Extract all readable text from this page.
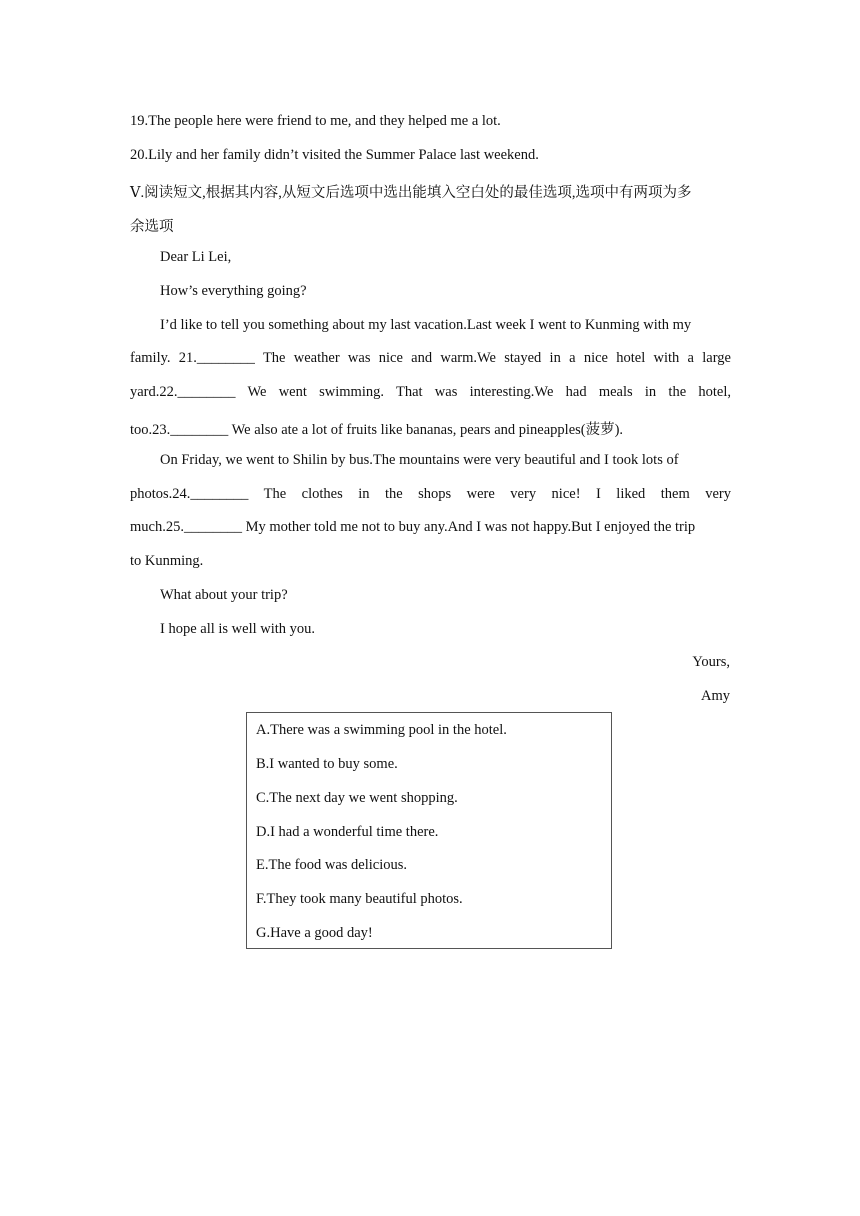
19.The people here were friend to me, and they helped me a lot.
20.Lily and her family didn’t visited the Summer Palace last weekend.
Ⅴ.阅读短文,根据其内容,从短文后选项中选出能填入空白处的最佳选项,选项中有两项为多
余选项
Dear Li Lei,
How’s everything going?
I’d like to tell you something about my last vacation.Last week I went to Kunming with my
family. 21.________ The weather was nice and warm.We stayed in a nice hotel with a large
yard.22.________ We went swimming. That was interesting.We had meals in the hotel,
too.23.________ We also ate a lot of fruits like bananas, pears and pineapples(菠萝).
On Friday, we went to Shilin by bus.The mountains were very beautiful and I took lots of
photos.24.________ The clothes in the shops were very nice! I liked them very
much.25.________ My mother told me not to buy any.And I was not happy.But I enjoyed the trip
to Kunming.
What about your trip?
I hope all is well with you.
Yours,
Amy
A.There was a swimming pool in the hotel.
B.I wanted to buy some.
C.The next day we went shopping.
D.I had a wonderful time there.
E.The food was delicious.
F.They took many beautiful photos.
G.Have a good day!
